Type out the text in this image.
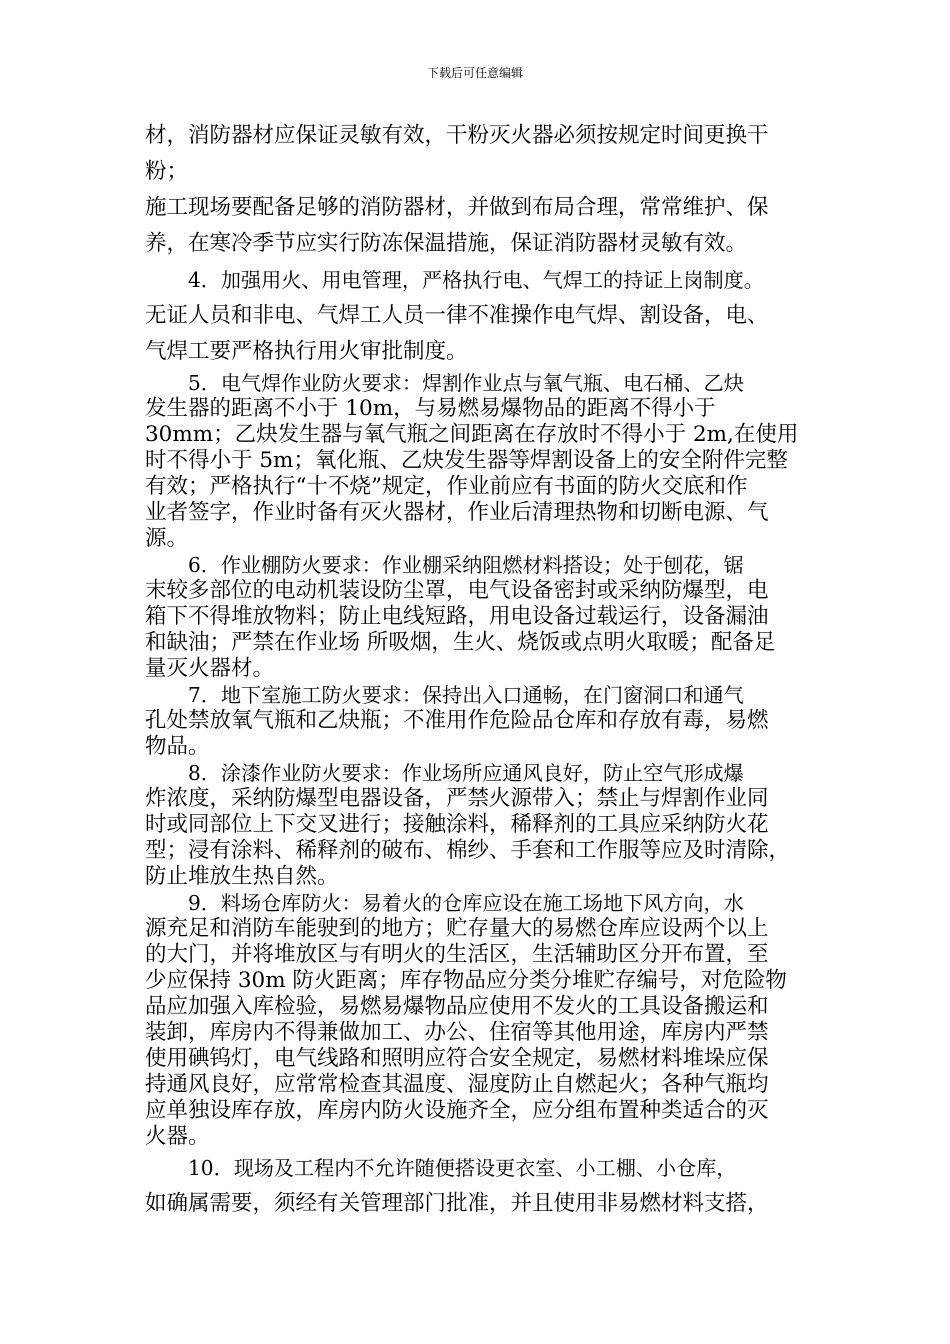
下载后可任意编辑
材，消防器材应保证灵敏有效，干粉灭火器必须按规定时间更换干
粉；
施工现场要配备足够的消防器材，并做到布局合理，常常维护、保
养，在寒冷季节应实行防冻保温措施，保证消防器材灵敏有效。
4．加强用火、用电管理，严格执行电、气焊工的持证上岗制度。
无证人员和非电、气焊工人员一律不准操作电气焊、割设备，电、
气焊工要严格执行用火审批制度。
5．电气焊作业防火要求：焊割作业点与氧气瓶、电石桶、乙炔
发生器的距离不小于 10m，与易燃易爆物品的距离不得小于
30mm；乙炔发生器与氧气瓶之间距离在存放时不得小于 2m,在使用
时不得小于 5m；氧化瓶、乙炔发生器等焊割设备上的安全附件完整
有效；严格执行“十不烧”规定，作业前应有书面的防火交底和作
业者签字，作业时备有灭火器材，作业后清理热物和切断电源、气
源。
6．作业棚防火要求：作业棚采纳阻燃材料搭设；处于刨花，锯
末较多部位的电动机装设防尘罩，电气设备密封或采纳防爆型，电
箱下不得堆放物料；防止电线短路，用电设备过载运行，设备漏油
和缺油；严禁在作业场 所吸烟，生火、烧饭或点明火取暖；配备足
量灭火器材。
7．地下室施工防火要求：保持出入口通畅，在门窗洞口和通气
孔处禁放氧气瓶和乙炔瓶；不准用作危险品仓库和存放有毒，易燃
物品。
8．涂漆作业防火要求：作业场所应通风良好，防止空气形成爆
炸浓度，采纳防爆型电器设备，严禁火源带入；禁止与焊割作业同
时或同部位上下交叉进行；接触涂料，稀释剂的工具应采纳防火花
型；浸有涂料、稀释剂的破布、棉纱、手套和工作服等应及时清除，
防止堆放生热自然。
9．料场仓库防火：易着火的仓库应设在施工场地下风方向，水
源充足和消防车能驶到的地方；贮存量大的易燃仓库应设两个以上
的大门，并将堆放区与有明火的生活区，生活辅助区分开布置，至
少应保持 30m 防火距离；库存物品应分类分堆贮存编号，对危险物
品应加强入库检验，易燃易爆物品应使用不发火的工具设备搬运和
装卸，库房内不得兼做加工、办公、住宿等其他用途，库房内严禁
使用碘钨灯，电气线路和照明应符合安全规定，易燃材料堆垛应保
持通风良好，应常常检查其温度、湿度防止自燃起火；各种气瓶均
应单独设库存放，库房内防火设施齐全，应分组布置种类适合的灭
火器。
10．现场及工程内不允许随便搭设更衣室、小工棚、小仓库，
如确属需要，须经有关管理部门批准，并且使用非易燃材料支搭，
